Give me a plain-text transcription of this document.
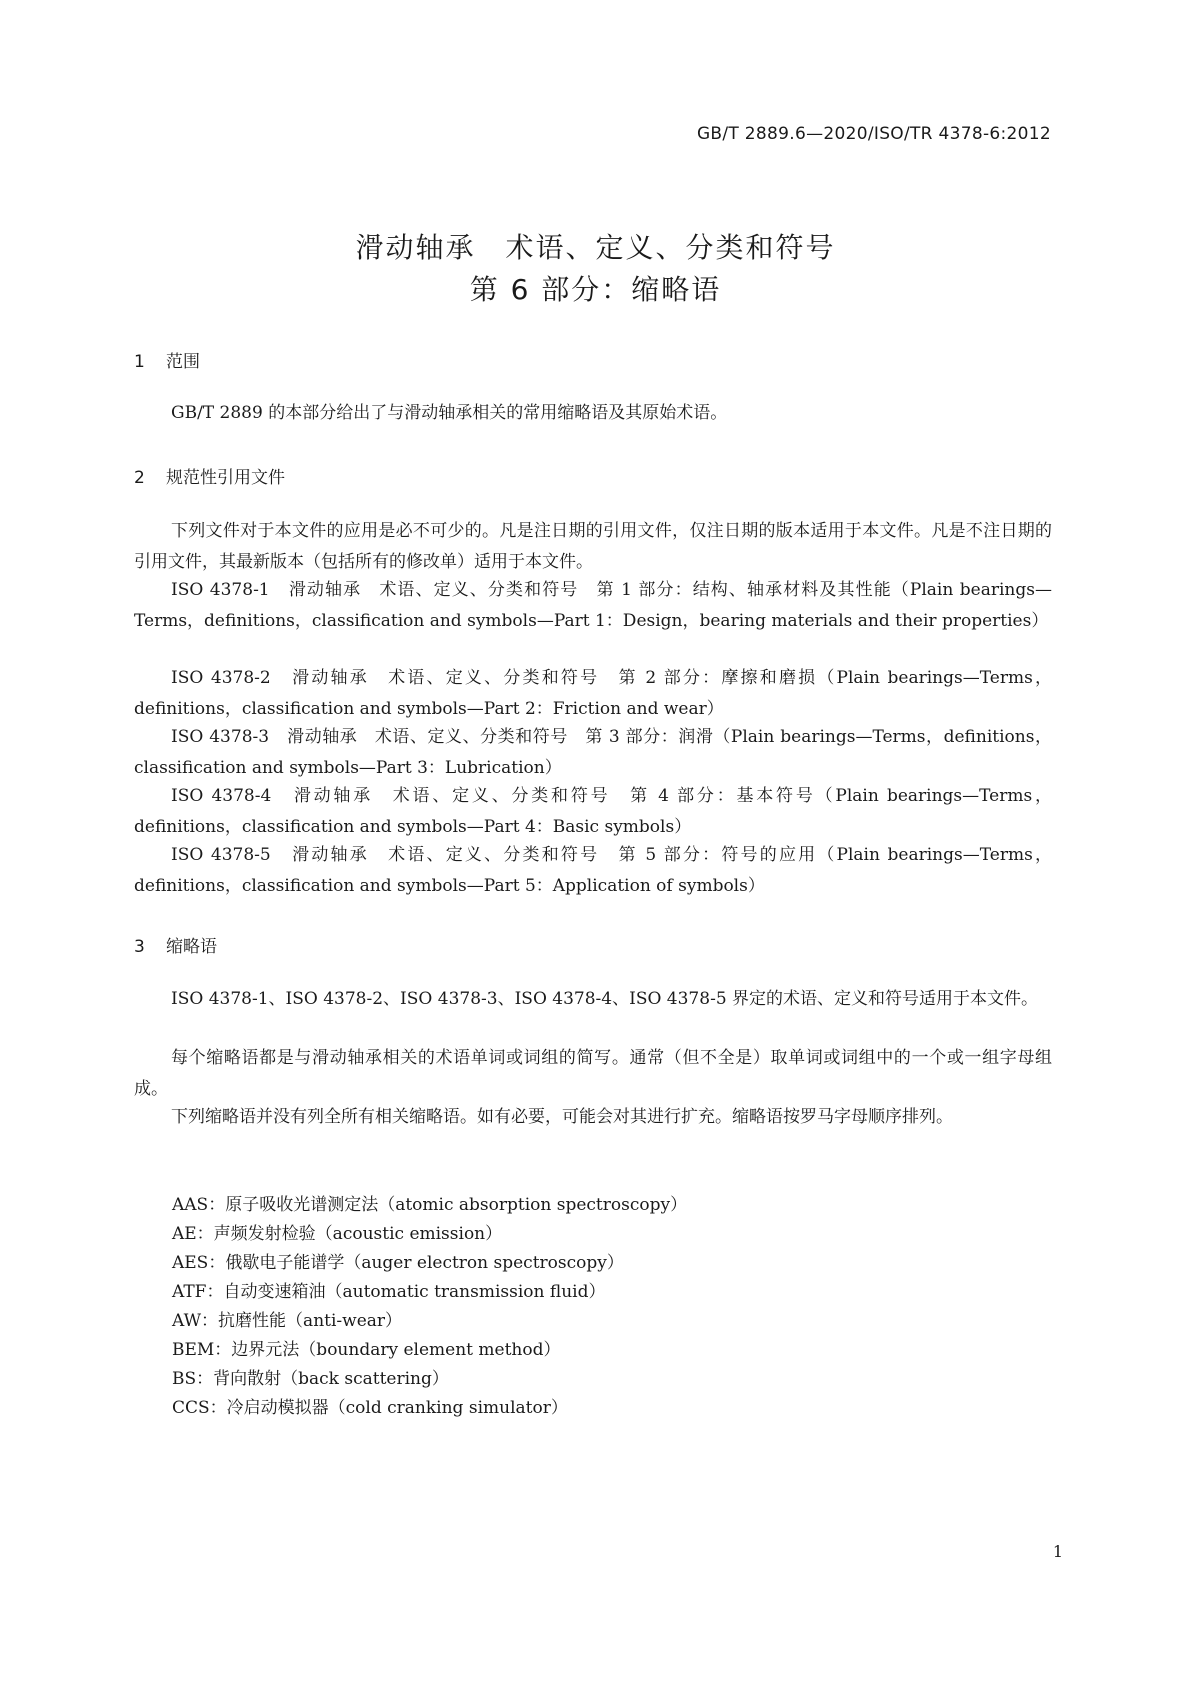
GB/T 2889.6—2020/ISO/TR 4378-6:2012
滑动轴承　术语、定义、分类和符号
第 6 部分：缩略语
1 范围

GB/T 2889 的本部分给出了与滑动轴承相关的常用缩略语及其原始术语。

2 规范性引用文件

下列文件对于本文件的应用是必不可少的。凡是注日期的引用文件，仅注日期的版本适用于本文件。凡是不注日期的引用文件，其最新版本（包括所有的修改单）适用于本文件。

ISO 4378-1　滑动轴承　术语、定义、分类和符号　第 1 部分：结构、轴承材料及其性能（Plain bearings—Terms，definitions，classification and symbols—Part 1：Design，bearing materials and their properties）

ISO 4378-2　滑动轴承　术语、定义、分类和符号　第 2 部分：摩擦和磨损（Plain bearings—Terms，definitions，classification and symbols—Part 2：Friction and wear）

ISO 4378-3　滑动轴承　术语、定义、分类和符号　第 3 部分：润滑（Plain bearings—Terms，definitions，classification and symbols—Part 3：Lubrication）

ISO 4378-4　滑动轴承　术语、定义、分类和符号　第 4 部分：基本符号（Plain bearings—Terms，definitions，classification and symbols—Part 4：Basic symbols）

ISO 4378-5　滑动轴承　术语、定义、分类和符号　第 5 部分：符号的应用（Plain bearings—Terms，definitions，classification and symbols—Part 5：Application of symbols）

3 缩略语

ISO 4378-1、ISO 4378-2、ISO 4378-3、ISO 4378-4、ISO 4378-5 界定的术语、定义和符号适用于本文件。

每个缩略语都是与滑动轴承相关的术语单词或词组的简写。通常（但不全是）取单词或词组中的一个或一组字母组成。

下列缩略语并没有列全所有相关缩略语。如有必要，可能会对其进行扩充。缩略语按罗马字母顺序排列。

AAS：原子吸收光谱测定法（atomic absorption spectroscopy）
AE：声频发射检验（acoustic emission）
AES：俄歇电子能谱学（auger electron spectroscopy）
ATF：自动变速箱油（automatic transmission fluid）
AW：抗磨性能（anti-wear）
BEM：边界元法（boundary element method）
BS：背向散射（back scattering）
CCS：冷启动模拟器（cold cranking simulator）
1
